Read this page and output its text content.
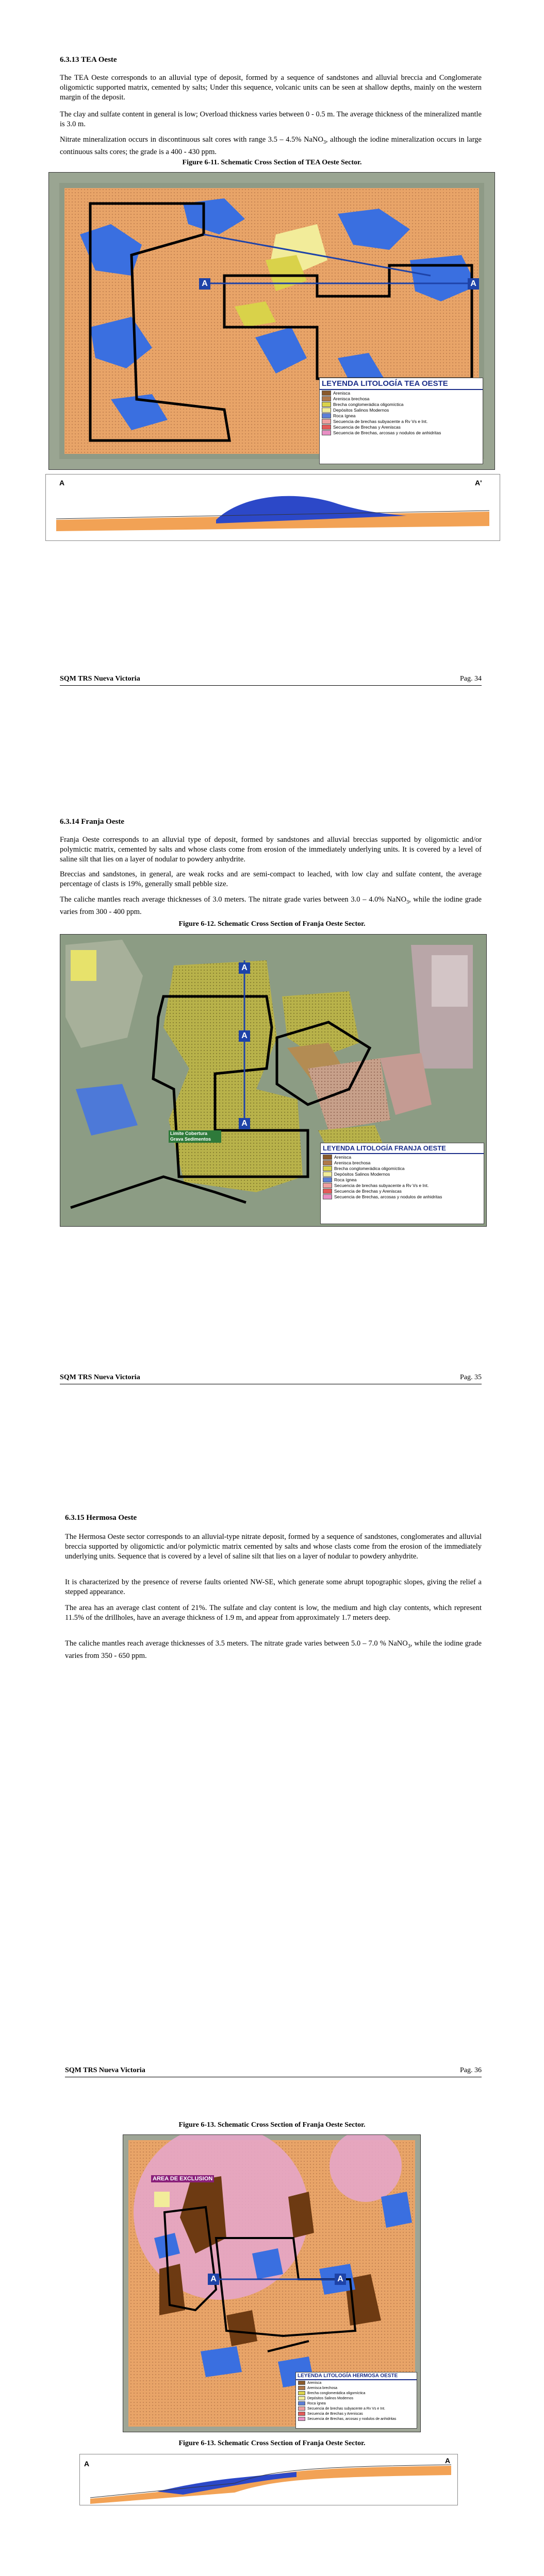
6.3.13 TEA Oeste
The TEA Oeste corresponds to an alluvial type of deposit, formed by a sequence of sandstones and alluvial breccia and Conglomerate oligomictic supported matrix, cemented by salts; Under this sequence, volcanic units can be seen at shallow depths, mainly on the western margin of the deposit.
The clay and sulfate content in general is low; Overload thickness varies between 0 - 0.5 m. The average thickness of the mineralized mantle is 3.0 m.
Nitrate mineralization occurs in discontinuous salt cores with range 3.5 – 4.5% NaNO$_3$, although the iodine mineralization occurs in large continuous salts cores; the grade is a 400 - 430 ppm.
Figure 6-11. Schematic Cross Section of TEA Oeste Sector.
A	A
LEYENDA LITOLOGÍA TEA OESTE
Arenisca
Arenisca brechosa
Brecha conglomerádica oligomíctica
Depósitos Salinos Modernos
Roca ígnea
Secuencia de brechas subyacente a Rv Vs e Int.
Secuencia de Brechas y Areniscas
Secuencia de Brechas, arcosas y nodulos de anhidritas
A	A'
SQM TRS Nueva Victoria	Pag. 34
6.3.14 Franja Oeste
Franja Oeste corresponds to an alluvial type of deposit, formed by sandstones and alluvial breccias supported by oligomictic and/or polymictic matrix, cemented by salts and whose clasts come from erosion of the immediately underlying units. It is covered by a level of saline silt that lies on a layer of nodular to powdery anhydrite.
Breccias and sandstones, in general, are weak rocks and are semi-compact to leached, with low clay and sulfate content, the average percentage of clasts is 19%, generally small pebble size.
The caliche mantles reach average thicknesses of 3.0 meters. The nitrate grade varies between 3.0 – 4.0% NaNO$_3$, while the iodine grade varies from 300 - 400 ppm.
Figure 6-12. Schematic Cross Section of Franja Oeste Sector.
A
A
A
Limite Cobertura Grava Sedimentos
LEYENDA LITOLOGÍA FRANJA OESTE
Arenisca
Arenisca brechosa
Brecha conglomerádica oligomíctica
Depósitos Salinos Modernos
Roca ígnea
Secuencia de brechas subyacente a Rv Vs e Int.
Secuencia de Brechas y Areniscas
Secuencia de Brechas, arcosas y nodulos de anhidritas
SQM TRS Nueva Victoria	Pag. 35
6.3.15 Hermosa Oeste
The Hermosa Oeste sector corresponds to an alluvial-type nitrate deposit, formed by a sequence of sandstones, conglomerates and alluvial breccia supported by oligomictic and/or polymictic matrix cemented by salts and whose clasts come from the erosion of the immediately underlying units. Sequence that is covered by a level of saline silt that lies on a layer of nodular to powdery anhydrite.
It is characterized by the presence of reverse faults oriented NW-SE, which generate some abrupt topographic slopes, giving the relief a stepped appearance.
The area has an average clast content of 21%. The sulfate and clay content is low, the medium and high clay contents, which represent 11.5% of the drillholes, have an average thickness of 1.9 m, and appear from approximately 1.7 meters deep.
The caliche mantles reach average thicknesses of 3.5 meters. The nitrate grade varies between 5.0 – 7.0 % NaNO$_3$, while the iodine grade varies from 350 - 650 ppm.
SQM TRS Nueva Victoria	Pag. 36
Figure 6-13. Schematic Cross Section of Franja Oeste Sector.
AREA DE EXCLUSION
A	A
LEYENDA LITOLOGÍA HERMOSA OESTE
Arenisca
Arenisca brechosa
Brecha conglomerádica oligomíctica
Depósitos Salinos Modernos
Roca ígnea
Secuencia de brechas subyacente a Rv Vs e Int.
Secuencia de Brechas y Areniscas
Secuencia de Brechas, arcosas y nodulos de anhidritas
Figure 6-13. Schematic Cross Section of Franja Oeste Sector.
A	A
